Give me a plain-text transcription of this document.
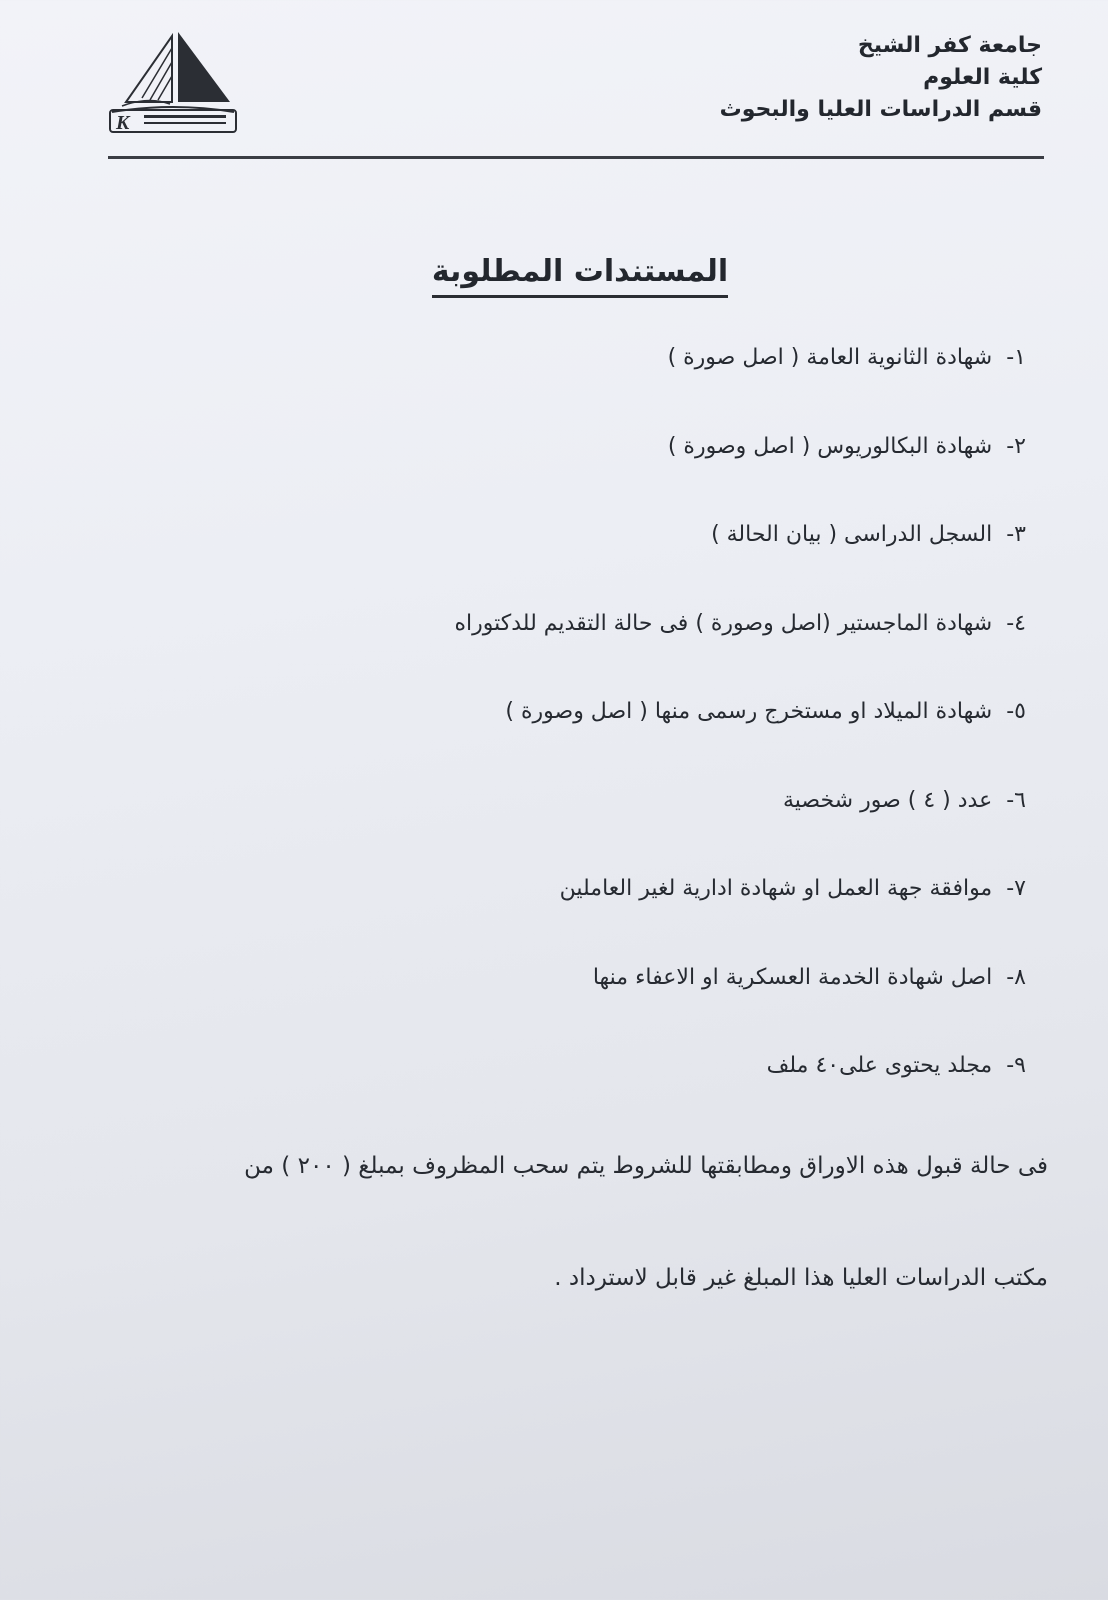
K
جامعة كفر الشيخ
كلية العلوم
قسم الدراسات العليا والبحوث
المستندات المطلوبة
١-شهادة الثانوية العامة ( اصل صورة )
٢-شهادة البكالوريوس ( اصل وصورة )
٣-السجل الدراسى ( بيان الحالة )
٤-شهادة الماجستير (اصل وصورة ) فى حالة التقديم للدكتوراه
٥-شهادة الميلاد او مستخرج رسمى منها ( اصل وصورة )
٦-عدد ( ٤ ) صور شخصية
٧-موافقة جهة العمل او شهادة ادارية لغير العاملين
٨-اصل شهادة الخدمة العسكرية او الاعفاء منها
٩-مجلد يحتوى على٤٠ ملف

فى حالة قبول هذه الاوراق ومطابقتها للشروط يتم سحب المظروف بمبلغ ( ٢٠٠ ) من

مكتب الدراسات العليا هذا المبلغ غير قابل لاسترداد .
